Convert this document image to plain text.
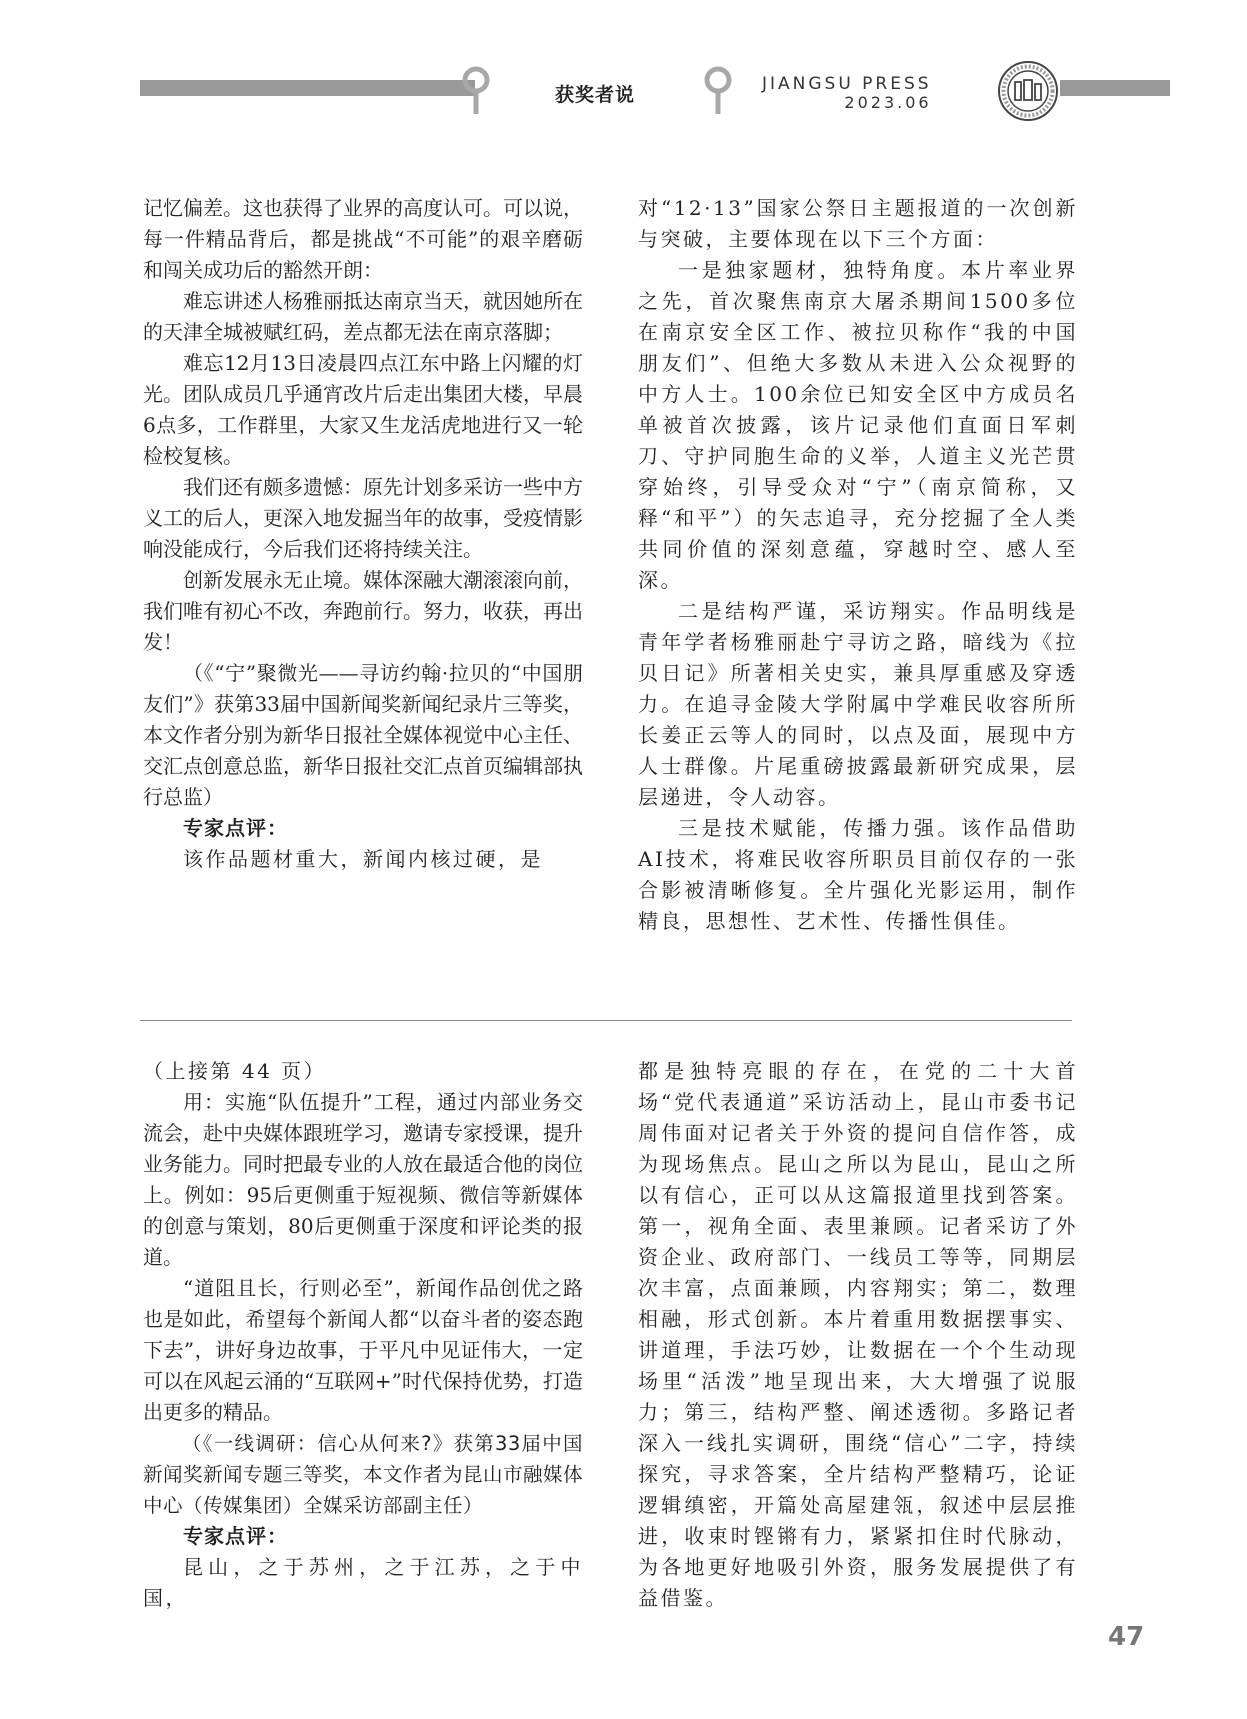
获奖者说	JIANGSU PRESS
2023.06

记忆偏差。这也获得了业界的高度认可。可以说，每一件精品背后，都是挑战“不可能”的艰辛磨砺和闯关成功后的豁然开朗：

难忘讲述人杨雅丽抵达南京当天，就因她所在的天津全城被赋红码，差点都无法在南京落脚；

难忘12月13日凌晨四点江东中路上闪耀的灯光。团队成员几乎通宵改片后走出集团大楼，早晨6点多，工作群里，大家又生龙活虎地进行又一轮检校复核。

我们还有颇多遗憾：原先计划多采访一些中方义工的后人，更深入地发掘当年的故事，受疫情影响没能成行，今后我们还将持续关注。

创新发展永无止境。媒体深融大潮滚滚向前，我们唯有初心不改，奔跑前行。努力，收获，再出发！

（《“宁”聚微光——寻访约翰·拉贝的“中国朋友们”》获第33届中国新闻奖新闻纪录片三等奖，本文作者分别为新华日报社全媒体视觉中心主任、交汇点创意总监，新华日报社交汇点首页编辑部执行总监）

专家点评：

该作品题材重大，新闻内核过硬，是

对“12·13”国家公祭日主题报道的一次创新与突破，主要体现在以下三个方面：

一是独家题材，独特角度。本片率业界之先，首次聚焦南京大屠杀期间1500多位在南京安全区工作、被拉贝称作“我的中国朋友们”、但绝大多数从未进入公众视野的中方人士。100余位已知安全区中方成员名单被首次披露，该片记录他们直面日军刺刀、守护同胞生命的义举，人道主义光芒贯穿始终，引导受众对“宁”（南京简称，又释“和平”）的矢志追寻，充分挖掘了全人类共同价值的深刻意蕴，穿越时空、感人至深。

二是结构严谨，采访翔实。作品明线是青年学者杨雅丽赴宁寻访之路，暗线为《拉贝日记》所著相关史实，兼具厚重感及穿透力。在追寻金陵大学附属中学难民收容所所长姜正云等人的同时，以点及面，展现中方人士群像。片尾重磅披露最新研究成果，层层递进，令人动容。

三是技术赋能，传播力强。该作品借助AI技术，将难民收容所职员目前仅存的一张合影被清晰修复。全片强化光影运用，制作精良，思想性、艺术性、传播性俱佳。

（上接第 44 页）

用：实施“队伍提升”工程，通过内部业务交流会，赴中央媒体跟班学习，邀请专家授课，提升业务能力。同时把最专业的人放在最适合他的岗位上。例如：95后更侧重于短视频、微信等新媒体的创意与策划，80后更侧重于深度和评论类的报道。

“道阻且长，行则必至”，新闻作品创优之路也是如此，希望每个新闻人都“以奋斗者的姿态跑下去”，讲好身边故事，于平凡中见证伟大，一定可以在风起云涌的“互联网+”时代保持优势，打造出更多的精品。

（《一线调研：信心从何来?》获第33届中国新闻奖新闻专题三等奖，本文作者为昆山市融媒体中心（传媒集团）全媒采访部副主任）

专家点评：

昆山，之于苏州，之于江苏，之于中国，

都是独特亮眼的存在，在党的二十大首场“党代表通道”采访活动上，昆山市委书记周伟面对记者关于外资的提问自信作答，成为现场焦点。昆山之所以为昆山，昆山之所以有信心，正可以从这篇报道里找到答案。第一，视角全面、表里兼顾。记者采访了外资企业、政府部门、一线员工等等，同期层次丰富，点面兼顾，内容翔实；第二，数理相融，形式创新。本片着重用数据摆事实、讲道理，手法巧妙，让数据在一个个生动现场里“活泼”地呈现出来，大大增强了说服力；第三，结构严整、阐述透彻。多路记者深入一线扎实调研，围绕“信心”二字，持续探究，寻求答案，全片结构严整精巧，论证逻辑缜密，开篇处高屋建瓴，叙述中层层推进，收束时铿锵有力，紧紧扣住时代脉动，为各地更好地吸引外资，服务发展提供了有益借鉴。

47
